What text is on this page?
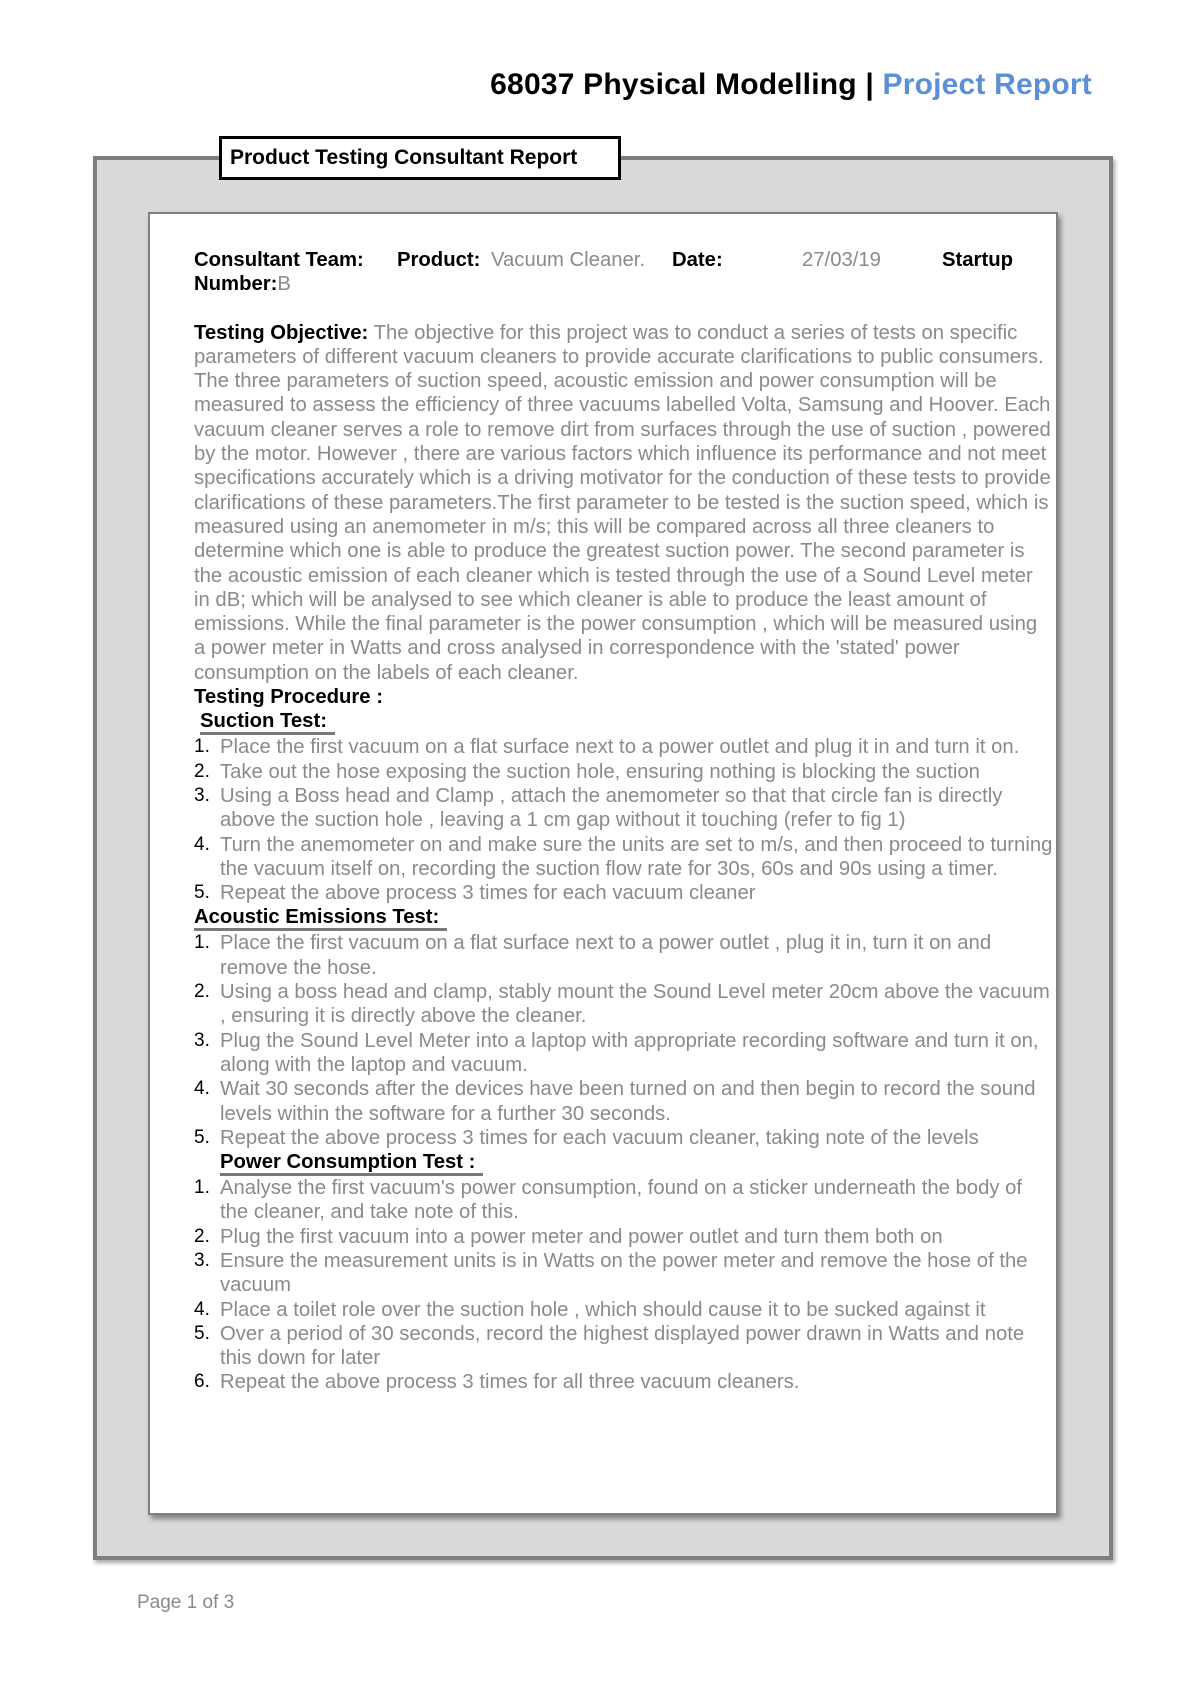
68037 Physical Modelling | Project Report
Product Testing Consultant Report
Consultant Team: Product: Vacuum Cleaner. Date:	27/03/19	Startup
Number:B

Testing Objective: The objective for this project was to conduct a series of tests on specific parameters of different vacuum cleaners to provide accurate clarifications to public consumers. The three parameters of suction speed, acoustic emission and power consumption will be measured to assess the efficiency of three vacuums labelled Volta, Samsung and Hoover. Each vacuum cleaner serves a role to remove dirt from surfaces through the use of suction , powered by the motor. However , there are various factors which influence its performance and not meet specifications accurately which is a driving motivator for the conduction of these tests to provide clarifications of these parameters.The first parameter to be tested is the suction speed, which is measured using an anemometer in m/s; this will be compared across all three cleaners to determine which one is able to produce the greatest suction power. The second parameter is the acoustic emission of each cleaner which is tested through the use of a Sound Level meter in dB; which will be analysed to see which cleaner is able to produce the least amount of emissions. While the final parameter is the power consumption , which will be measured using a power meter in Watts and cross analysed in correspondence with the 'stated' power consumption on the labels of each cleaner.

Testing Procedure :
Suction Test:
1. Place the first vacuum on a flat surface next to a power outlet and plug it in and turn it on.
2. Take out the hose exposing the suction hole, ensuring nothing is blocking the suction
3. Using a Boss head and Clamp , attach the anemometer so that that circle fan is directly above the suction hole , leaving a 1 cm gap without it touching (refer to fig 1)
4. Turn the anemometer on and make sure the units are set to m/s, and then proceed to turning the vacuum itself on, recording the suction flow rate for 30s, 60s and 90s using a timer.
5. Repeat the above process 3 times for each vacuum cleaner
Acoustic Emissions Test:
1. Place the first vacuum on a flat surface next to a power outlet , plug it in, turn it on and remove the hose.
2. Using a boss head and clamp, stably mount the Sound Level meter 20cm above the vacuum , ensuring it is directly above the cleaner.
3. Plug the Sound Level Meter into a laptop with appropriate recording software and turn it on, along with the laptop and vacuum.
4. Wait 30 seconds after the devices have been turned on and then begin to record the sound levels within the software for a further 30 seconds.
5. Repeat the above process 3 times for each vacuum cleaner, taking note of the levels
Power Consumption Test :
1. Analyse the first vacuum's power consumption, found on a sticker underneath the body of the cleaner, and take note of this.
2. Plug the first vacuum into a power meter and power outlet and turn them both on
3. Ensure the measurement units is in Watts on the power meter and remove the hose of the vacuum
4. Place a toilet role over the suction hole , which should cause it to be sucked against it
5. Over a period of 30 seconds, record the highest displayed power drawn in Watts and note this down for later
6. Repeat the above process 3 times for all three vacuum cleaners.
Page 1 of 3
